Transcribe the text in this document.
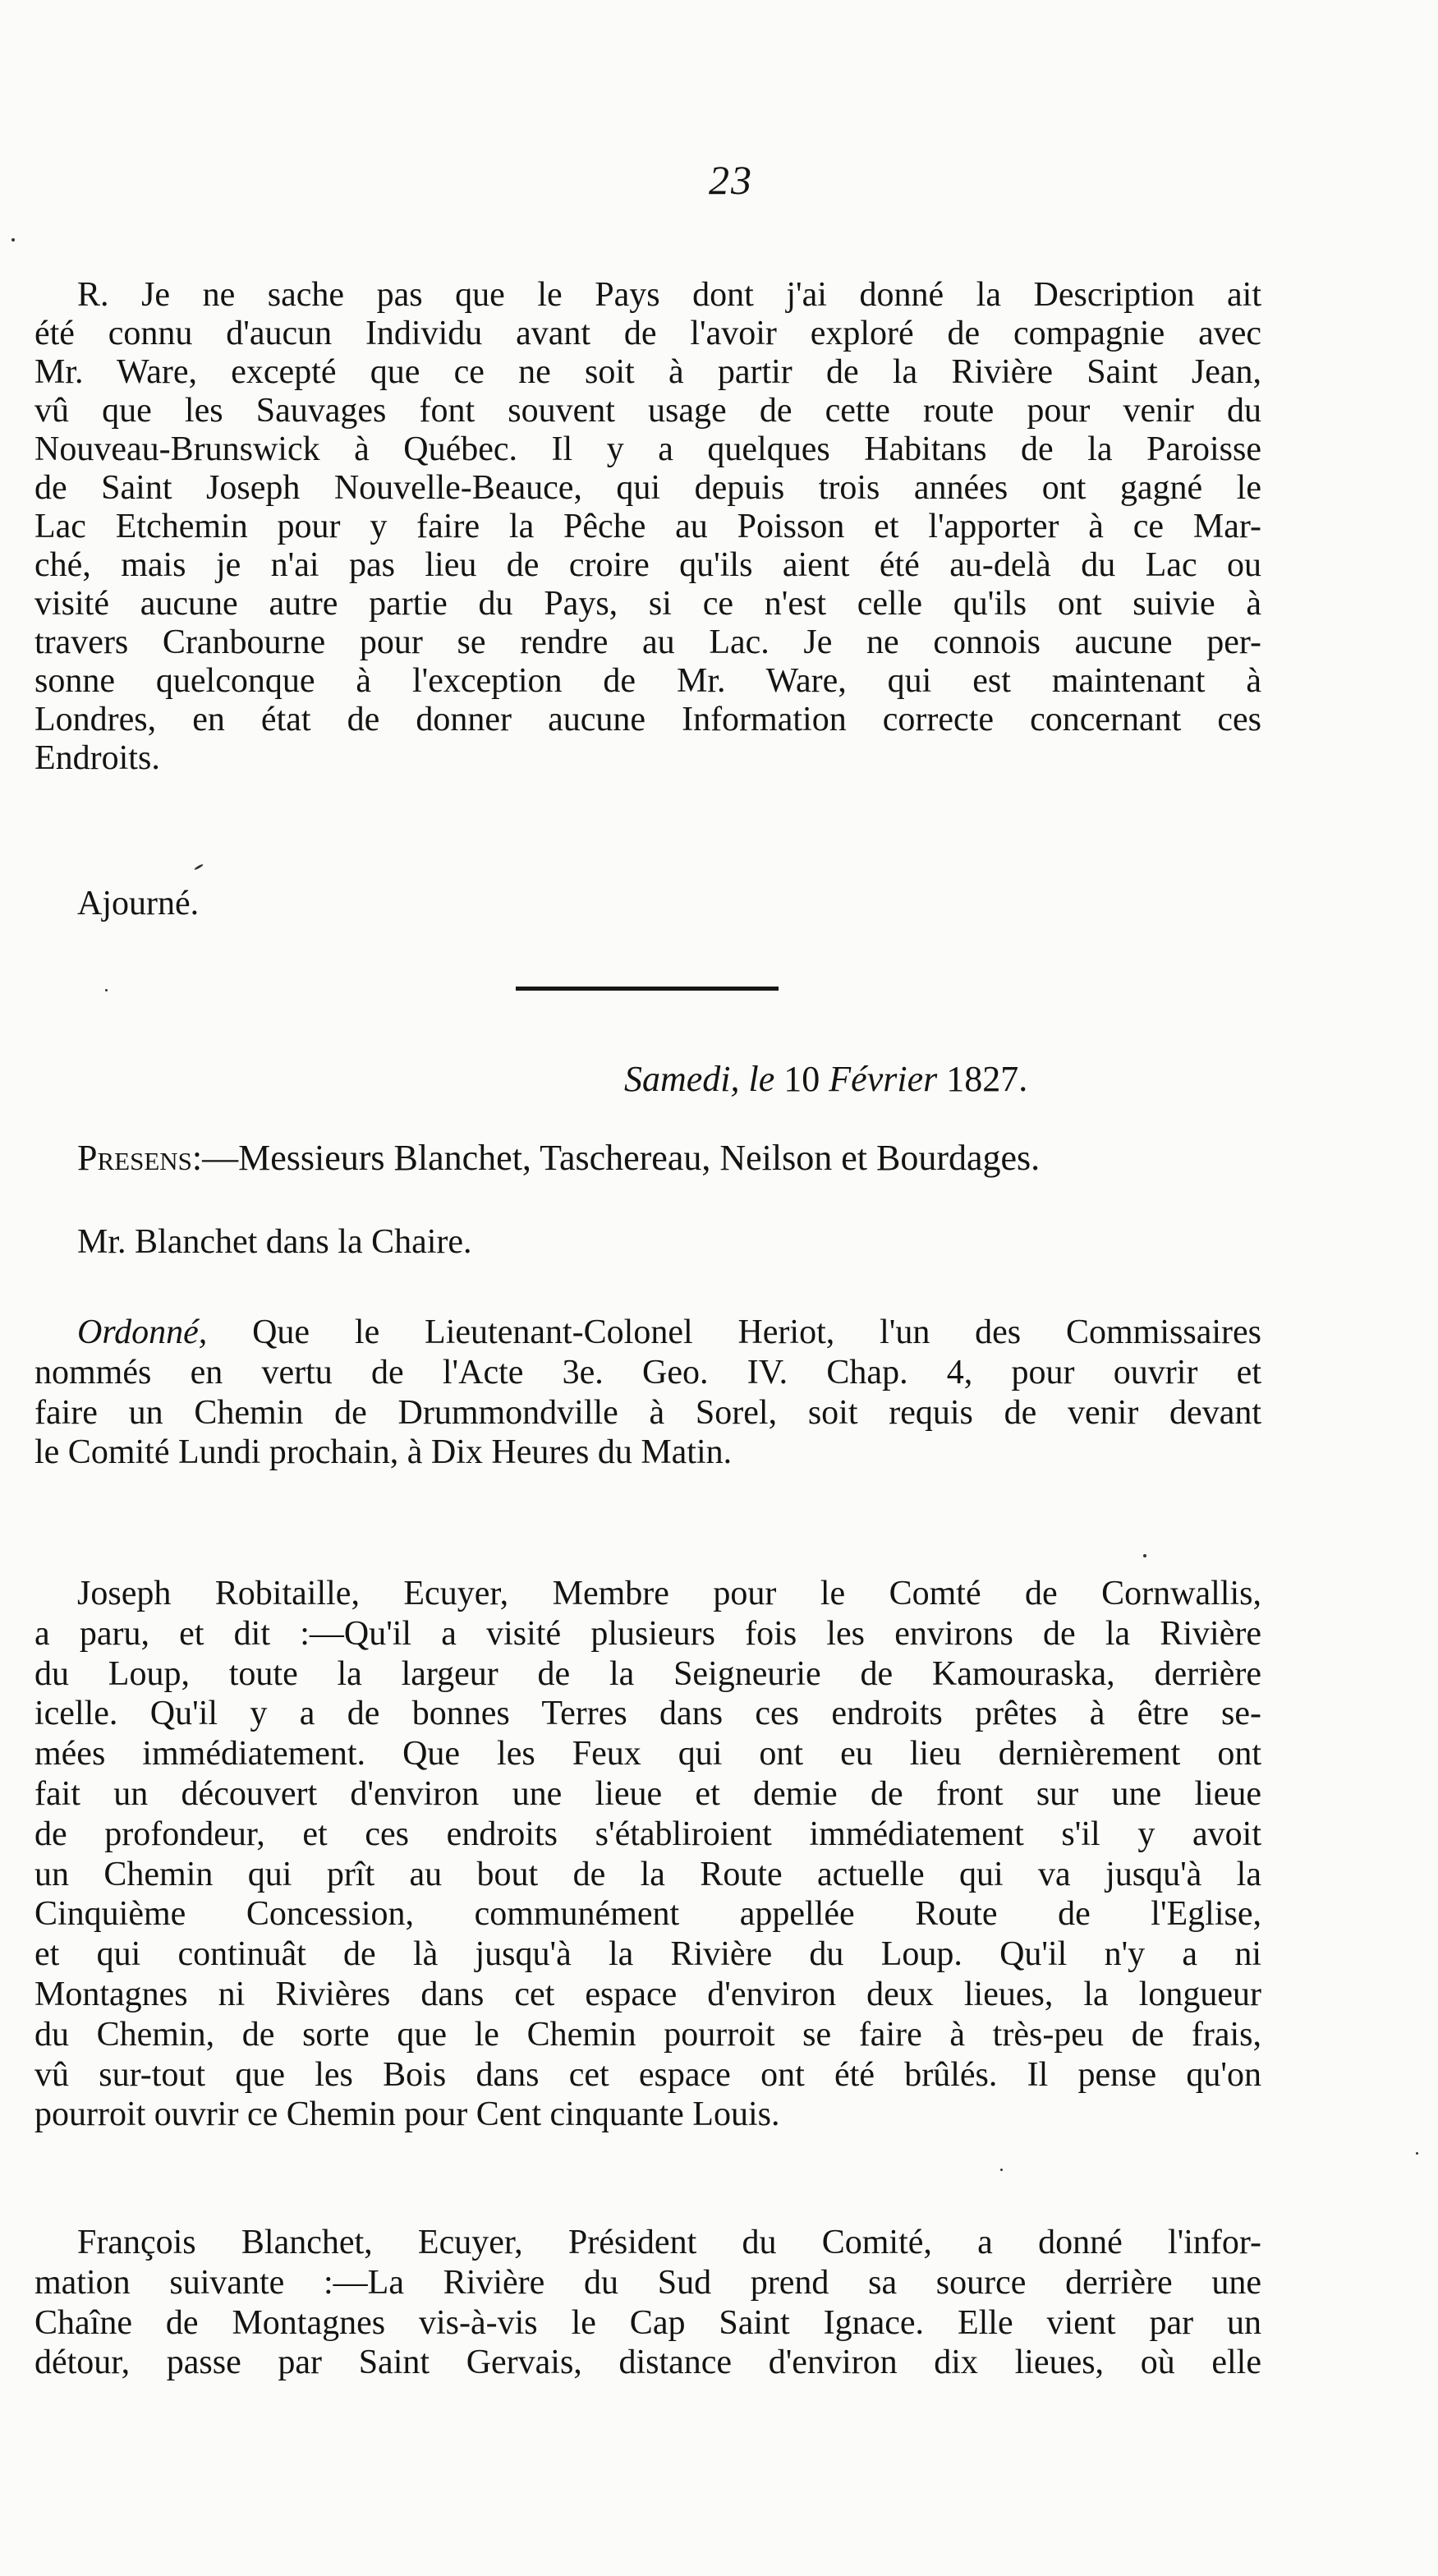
23
R. Je ne sache pas que le Pays dont j'ai donné la Description ait
été connu d'aucun Individu avant de l'avoir exploré de compagnie avec
Mr. Ware, excepté que ce ne soit à partir de la Rivière Saint Jean,
vû que les Sauvages font souvent usage de cette route pour venir du
Nouveau-Brunswick à Québec. Il y a quelques Habitans de la Paroisse
de Saint Joseph Nouvelle-Beauce, qui depuis trois années ont gagné le
Lac Etchemin pour y faire la Pêche au Poisson et l'apporter à ce Mar-
ché, mais je n'ai pas lieu de croire qu'ils aient été au-delà du Lac ou
visité aucune autre partie du Pays, si ce n'est celle qu'ils ont suivie à
travers Cranbourne pour se rendre au Lac. Je ne connois aucune per-
sonne quelconque à l'exception de Mr. Ware, qui est maintenant à
Londres, en état de donner aucune Information correcte concernant ces
Endroits.
Ajourné.
Samedi, le 10 Février 1827.
Presens:—Messieurs Blanchet, Taschereau, Neilson et Bourdages.
Mr. Blanchet dans la Chaire.
Ordonné, Que le Lieutenant-Colonel Heriot, l'un des Commissaires
nommés en vertu de l'Acte 3e. Geo. IV. Chap. 4, pour ouvrir et
faire un Chemin de Drummondville à Sorel, soit requis de venir devant
le Comité Lundi prochain, à Dix Heures du Matin.
Joseph Robitaille, Ecuyer, Membre pour le Comté de Cornwallis,
a paru, et dit :—Qu'il a visité plusieurs fois les environs de la Rivière
du Loup, toute la largeur de la Seigneurie de Kamouraska, derrière
icelle. Qu'il y a de bonnes Terres dans ces endroits prêtes à être se-
mées immédiatement. Que les Feux qui ont eu lieu dernièrement ont
fait un découvert d'environ une lieue et demie de front sur une lieue
de profondeur, et ces endroits s'établiroient immédiatement s'il y avoit
un Chemin qui prît au bout de la Route actuelle qui va jusqu'à la
Cinquième Concession, communément appellée Route de l'Eglise,
et qui continuât de là jusqu'à la Rivière du Loup. Qu'il n'y a ni
Montagnes ni Rivières dans cet espace d'environ deux lieues, la longueur
du Chemin, de sorte que le Chemin pourroit se faire à très-peu de frais,
vû sur-tout que les Bois dans cet espace ont été brûlés. Il pense qu'on
pourroit ouvrir ce Chemin pour Cent cinquante Louis.
François Blanchet, Ecuyer, Président du Comité, a donné l'infor-
mation suivante :—La Rivière du Sud prend sa source derrière une
Chaîne de Montagnes vis-à-vis le Cap Saint Ignace. Elle vient par un
détour, passe par Saint Gervais, distance d'environ dix lieues, où elle
